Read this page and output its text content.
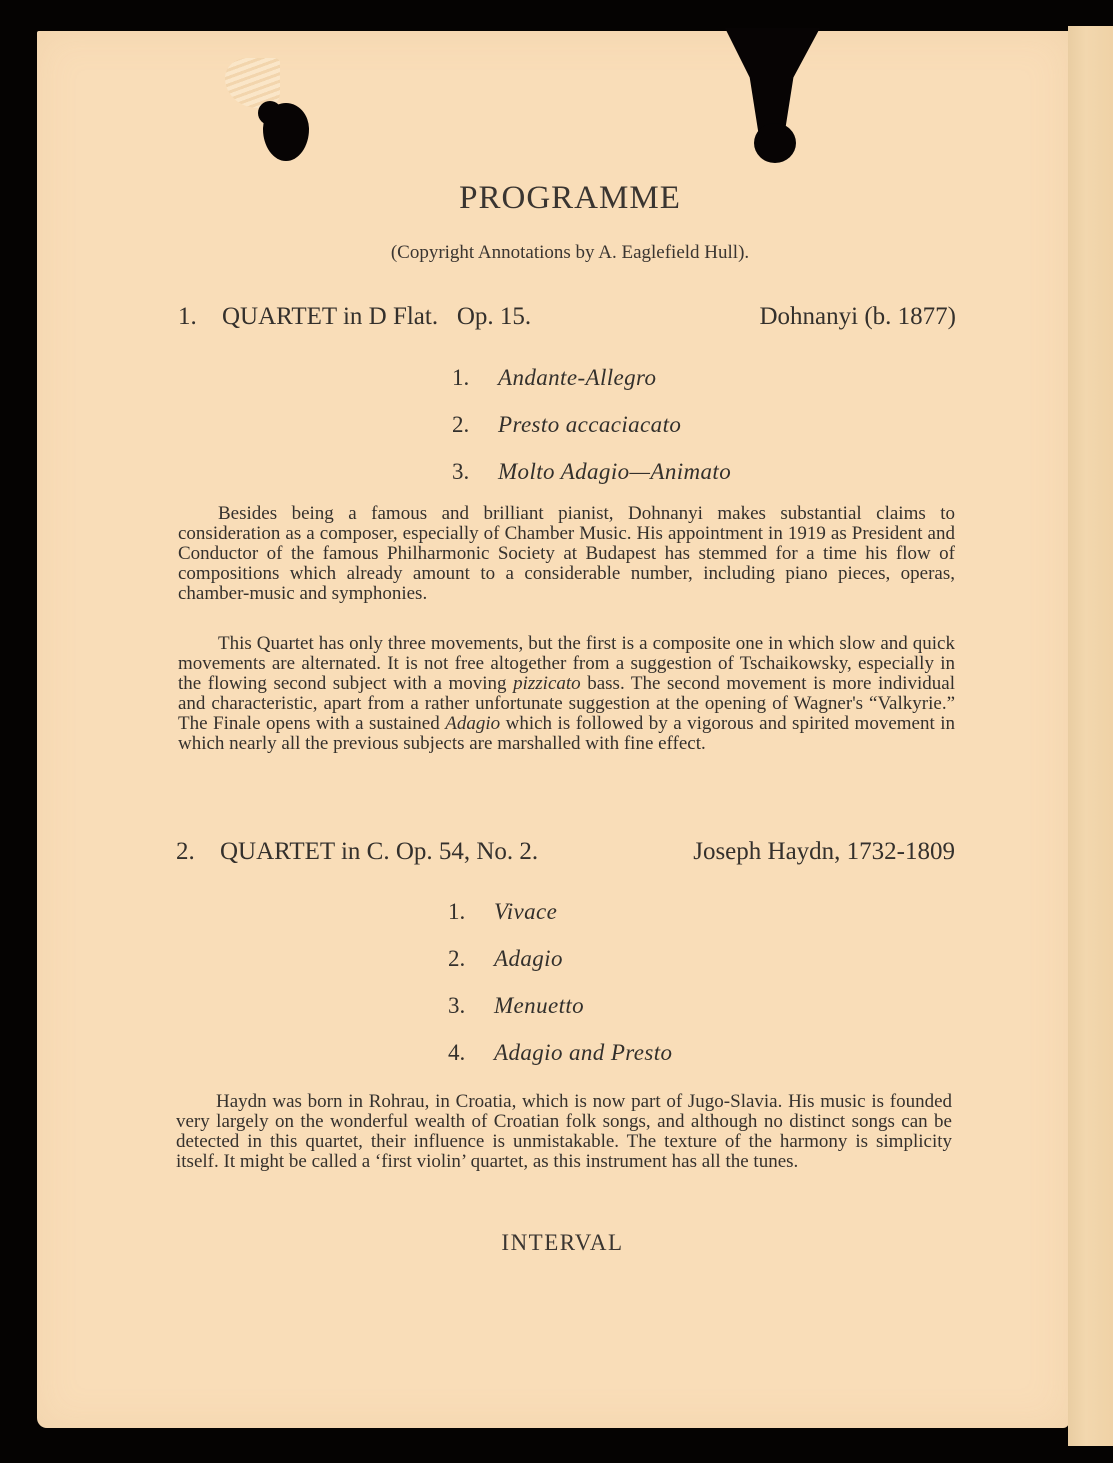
PROGRAMME
(Copyright Annotations by A. Eaglefield Hull).
1. QUARTET in D Flat.   Op. 15.	Dohnanyi (b. 1877)
1. Andante-Allegro
2. Presto accaciacato
3. Molto Adagio—Animato

Besides being a famous and brilliant pianist, Dohnanyi makes substantial claims to consideration as a composer, especially of Chamber Music. His appointment in 1919 as President and Conductor of the famous Philharmonic Society at Budapest has stemmed for a time his flow of compositions which already amount to a considerable number, including piano pieces, operas, chamber-music and symphonies.

This Quartet has only three movements, but the first is a composite one in which slow and quick movements are alternated. It is not free altogether from a suggestion of Tschaikowsky, especially in the flowing second subject with a moving pizzicato bass. The second movement is more individual and characteristic, apart from a rather unfortunate suggestion at the opening of Wagner's “Valkyrie.” The Finale opens with a sustained Adagio which is followed by a vigorous and spirited movement in which nearly all the previous subjects are marshalled with fine effect.

2. QUARTET in C. Op. 54, No. 2.	Joseph Haydn, 1732-1809
1. Vivace
2. Adagio
3. Menuetto
4. Adagio and Presto

Haydn was born in Rohrau, in Croatia, which is now part of Jugo-Slavia. His music is founded very largely on the wonderful wealth of Croatian folk songs, and although no distinct songs can be detected in this quartet, their influence is unmistakable. The texture of the harmony is simplicity itself. It might be called a ‘first violin’ quartet, as this instrument has all the tunes.

INTERVAL
